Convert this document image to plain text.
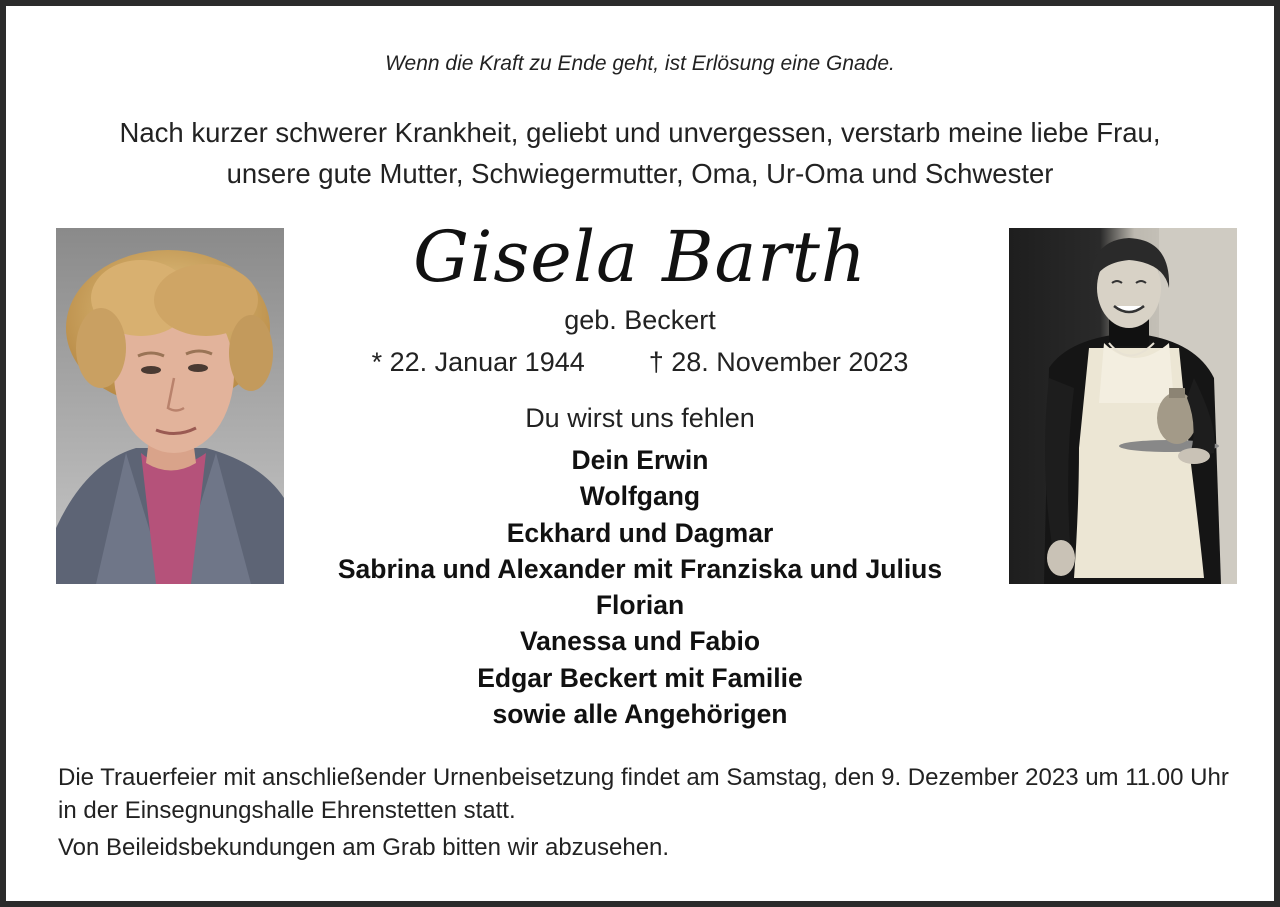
Wenn die Kraft zu Ende geht, ist Erlösung eine Gnade.
Nach kurzer schwerer Krankheit, geliebt und unvergessen, verstarb meine liebe Frau,
unsere gute Mutter, Schwiegermutter, Oma, Ur-Oma und Schwester
Gisela Barth
geb. Beckert
* 22. Januar 1944 † 28. November 2023
Du wirst uns fehlen
Dein Erwin
Wolfgang
Eckhard und Dagmar
Sabrina und Alexander mit Franziska und Julius
Florian
Vanessa und Fabio
Edgar Beckert mit Familie
sowie alle Angehörigen
Die Trauerfeier mit anschließender Urnenbeisetzung findet am Samstag, den 9. Dezember 2023 um 11.00 Uhr in der Einsegnungshalle Ehrenstetten statt.
Von Beileidsbekundungen am Grab bitten wir abzusehen.
